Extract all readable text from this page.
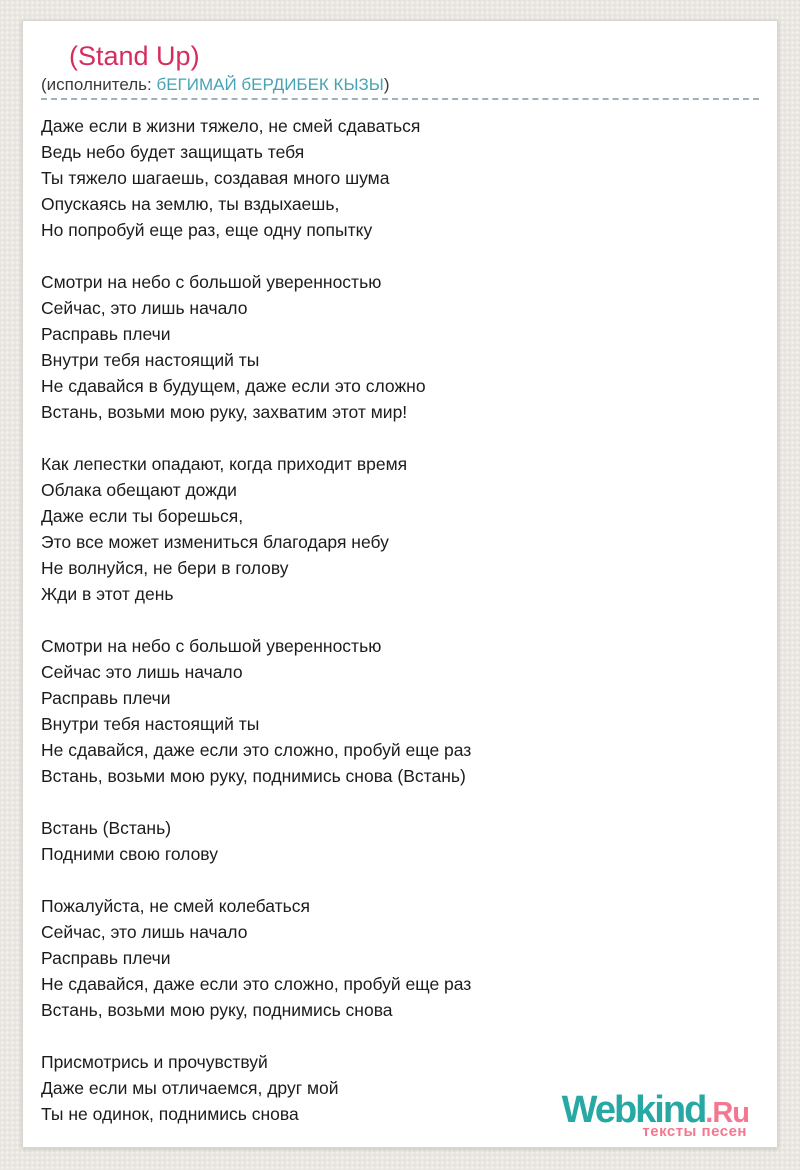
(Stand Up)
(исполнитель: бЕГИМАЙ бЕРДИБЕК КЫЗЫ)

Даже если в жизни тяжело, не смей сдаваться
Ведь небо будет защищать тебя
Ты тяжело шагаешь, создавая много шума
Опускаясь на землю, ты вздыхаешь,
Но попробуй еще раз, еще одну попытку

Смотри на небо с большой уверенностью
Сейчас, это лишь начало
Расправь плечи
Внутри тебя настоящий ты
Не сдавайся в будущем, даже если это сложно
Встань, возьми мою руку, захватим этот мир!

Как лепестки опадают, когда приходит время
Облака обещают дожди
Даже если ты борешься,
Это все может измениться благодаря небу
Не волнуйся, не бери в голову
Жди в этот день

Смотри на небо с большой уверенностью
Сейчас это лишь начало
Расправь плечи
Внутри тебя настоящий ты
Не сдавайся, даже если это сложно, пробуй еще раз
Встань, возьми мою руку, поднимись снова (Встань)

Встань (Встань)
Подними свою голову

Пожалуйста, не смей колебаться
Сейчас, это лишь начало
Расправь плечи
Не сдавайся, даже если это сложно, пробуй еще раз
Встань, возьми мою руку, поднимись снова

Присмотрись и прочувствуй
Даже если мы отличаемся, друг мой
Ты не одинок, поднимись снова	Webkind.Ru
тексты песен
